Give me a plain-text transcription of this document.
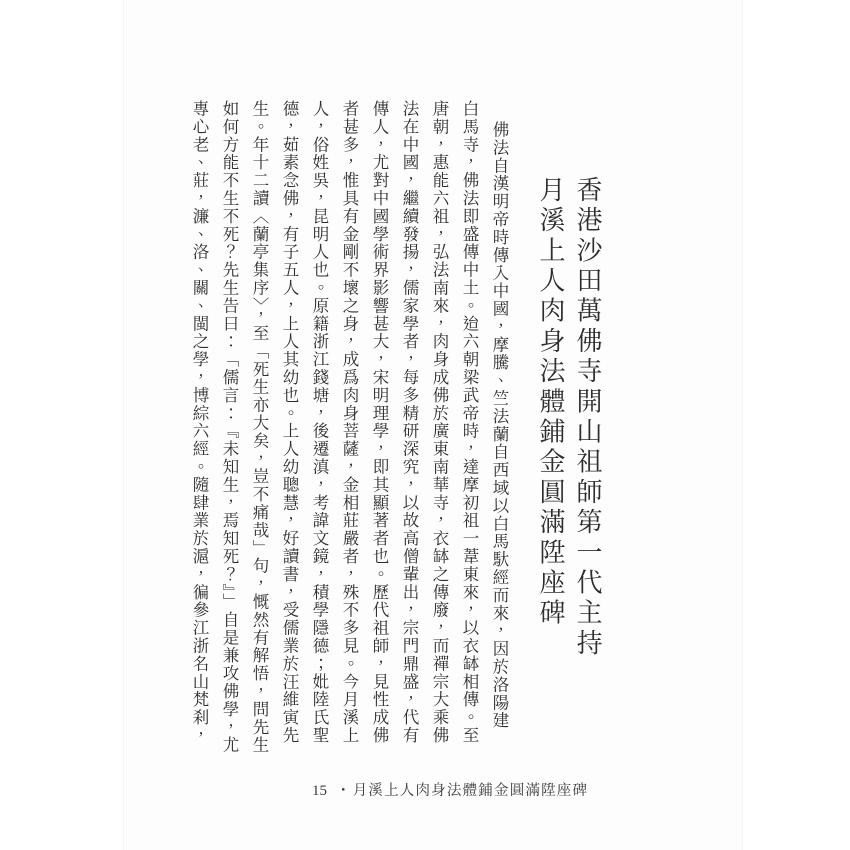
香港沙田萬佛寺開山祖師第一代主持
月溪上人肉身法體鋪金圓滿陞座碑
佛法自漢明帝時傳入中國，摩騰、竺法蘭自西域以白馬馱經而來，因於洛陽建
白馬寺，佛法即盛傳中土。迨六朝梁武帝時，達摩初祖一葦東來，以衣缽相傳。至
唐朝，惠能六祖，弘法南來，肉身成佛於廣東南華寺，衣缽之傳廢，而禪宗大乘佛
法在中國，繼續發揚，儒家學者，每多精研深究，以故高僧輩出，宗門鼎盛，代有
傳人，尤對中國學術界影響甚大，宋明理學，即其顯著者也。歷代祖師，見性成佛
者甚多，惟具有金剛不壞之身，成爲肉身菩薩，金相莊嚴者，殊不多見。今月溪上
人，俗姓吳，昆明人也。原籍浙江錢塘，後遷滇，考諱文鏡，積學隱德；妣陸氏聖
德，茹素念佛，有子五人，上人其幼也。上人幼聰慧，好讀書，受儒業於汪維寅先
生。年十二讀〈蘭亭集序〉，至「死生亦大矣，豈不痛哉」句，慨然有解悟，問先生
如何方能不生不死？先生告曰：「儒言：『未知生，焉知死？』」自是兼攻佛學，尤
專心老、莊，濂、洛、關、閩之學，博綜六經。隨肆業於滬，徧參江浙名山梵刹，
15 ・月溪上人肉身法體鋪金圓滿陞座碑
